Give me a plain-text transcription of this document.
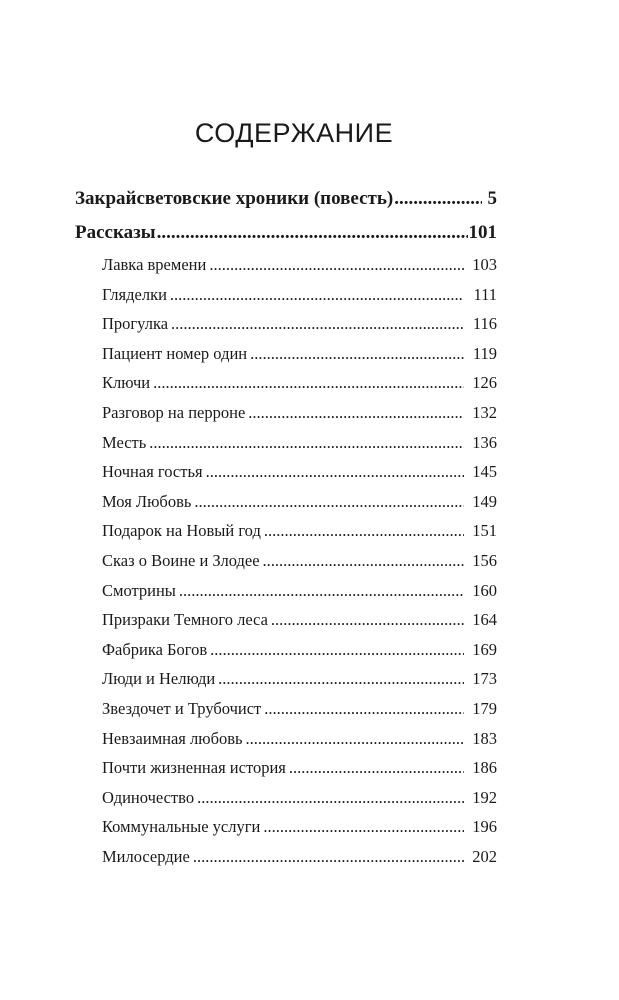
СОДЕРЖАНИЕ
Закрайсветовские хроники (повесть) .....	5
Рассказы .....	101
Лавка времени .....	103
Гляделки .....	111
Прогулка .....	116
Пациент номер один .....	119
Ключи .....	126
Разговор на перроне .....	132
Месть .....	136
Ночная гостья .....	145
Моя Любовь .....	149
Подарок на Новый год .....	151
Сказ о Воине и Злодее .....	156
Смотрины .....	160
Призраки Темного леса .....	164
Фабрика Богов .....	169
Люди и Нелюди .....	173
Звездочет и Трубочист .....	179
Невзаимная любовь .....	183
Почти жизненная история .....	186
Одиночество .....	192
Коммунальные услуги .....	196
Милосердие .....	202
